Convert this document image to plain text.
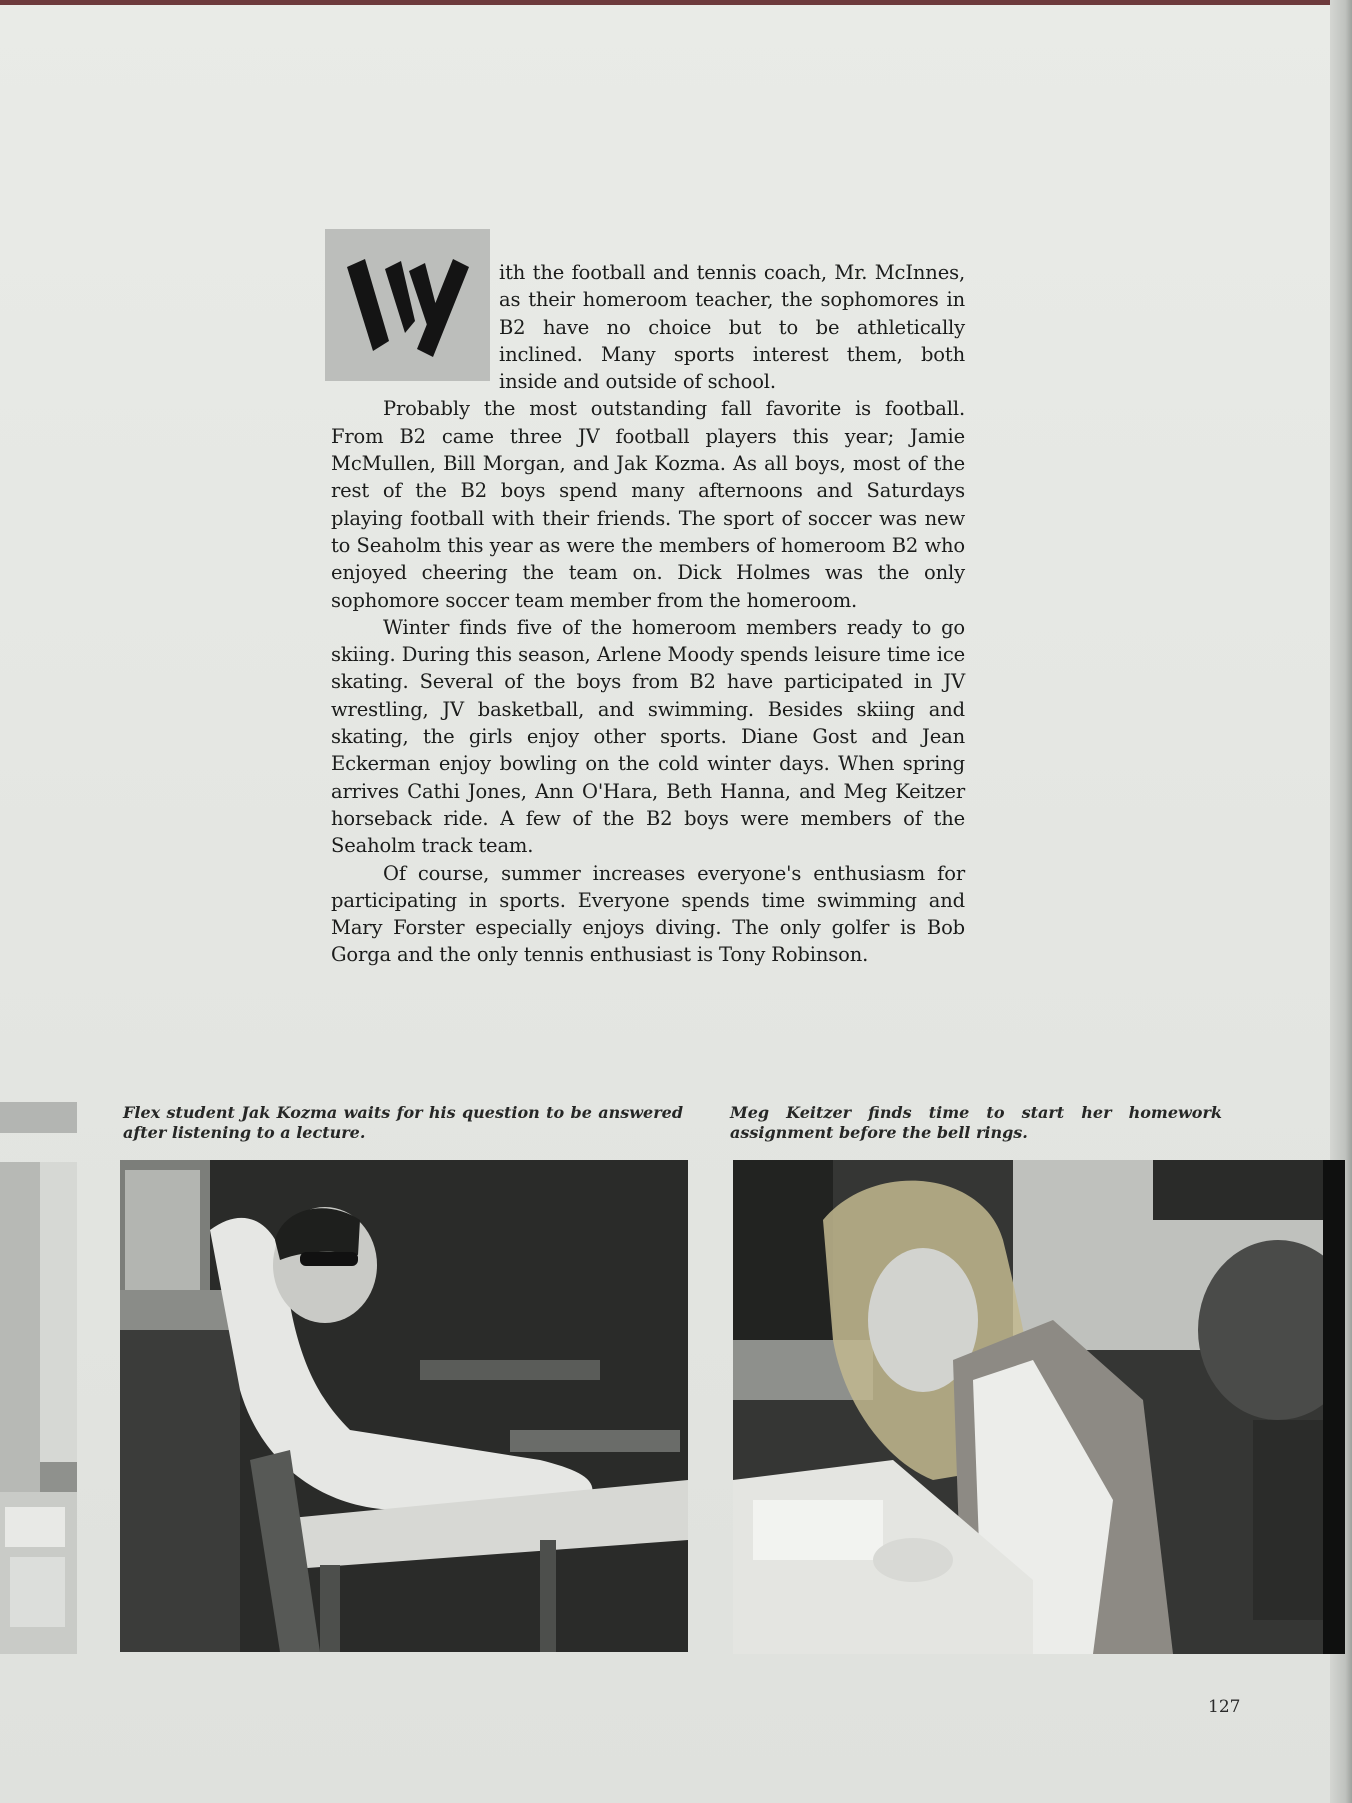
ith the football and tennis coach, Mr. McInnes, as their homeroom teacher, the sophomores in B2 have no choice but to be athletically inclined. Many sports interest them, both inside and outside of school.

Probably the most outstanding fall favorite is football. From B2 came three JV football players this year; Jamie McMullen, Bill Morgan, and Jak Kozma. As all boys, most of the rest of the B2 boys spend many afternoons and Saturdays playing football with their friends. The sport of soccer was new to Seaholm this year as were the members of homeroom B2 who enjoyed cheering the team on. Dick Holmes was the only sophomore soccer team member from the homeroom.

Winter finds five of the homeroom members ready to go skiing. During this season, Arlene Moody spends leisure time ice skating. Several of the boys from B2 have participated in JV wrestling, JV basketball, and swimming. Besides skiing and skating, the girls enjoy other sports. Diane Gost and Jean Eckerman enjoy bowling on the cold winter days. When spring arrives Cathi Jones, Ann O'Hara, Beth Hanna, and Meg Keitzer horseback ride. A few of the B2 boys were members of the Seaholm track team.

Of course, summer increases everyone's enthusiasm for participating in sports. Everyone spends time swimming and Mary Forster especially enjoys diving. The only golfer is Bob Gorga and the only tennis enthusiast is Tony Robinson.

Flex student Jak Kozma waits for his question to be answered after listening to a lecture.
Meg Keitzer finds time to start her homework assignment before the bell rings.
127
